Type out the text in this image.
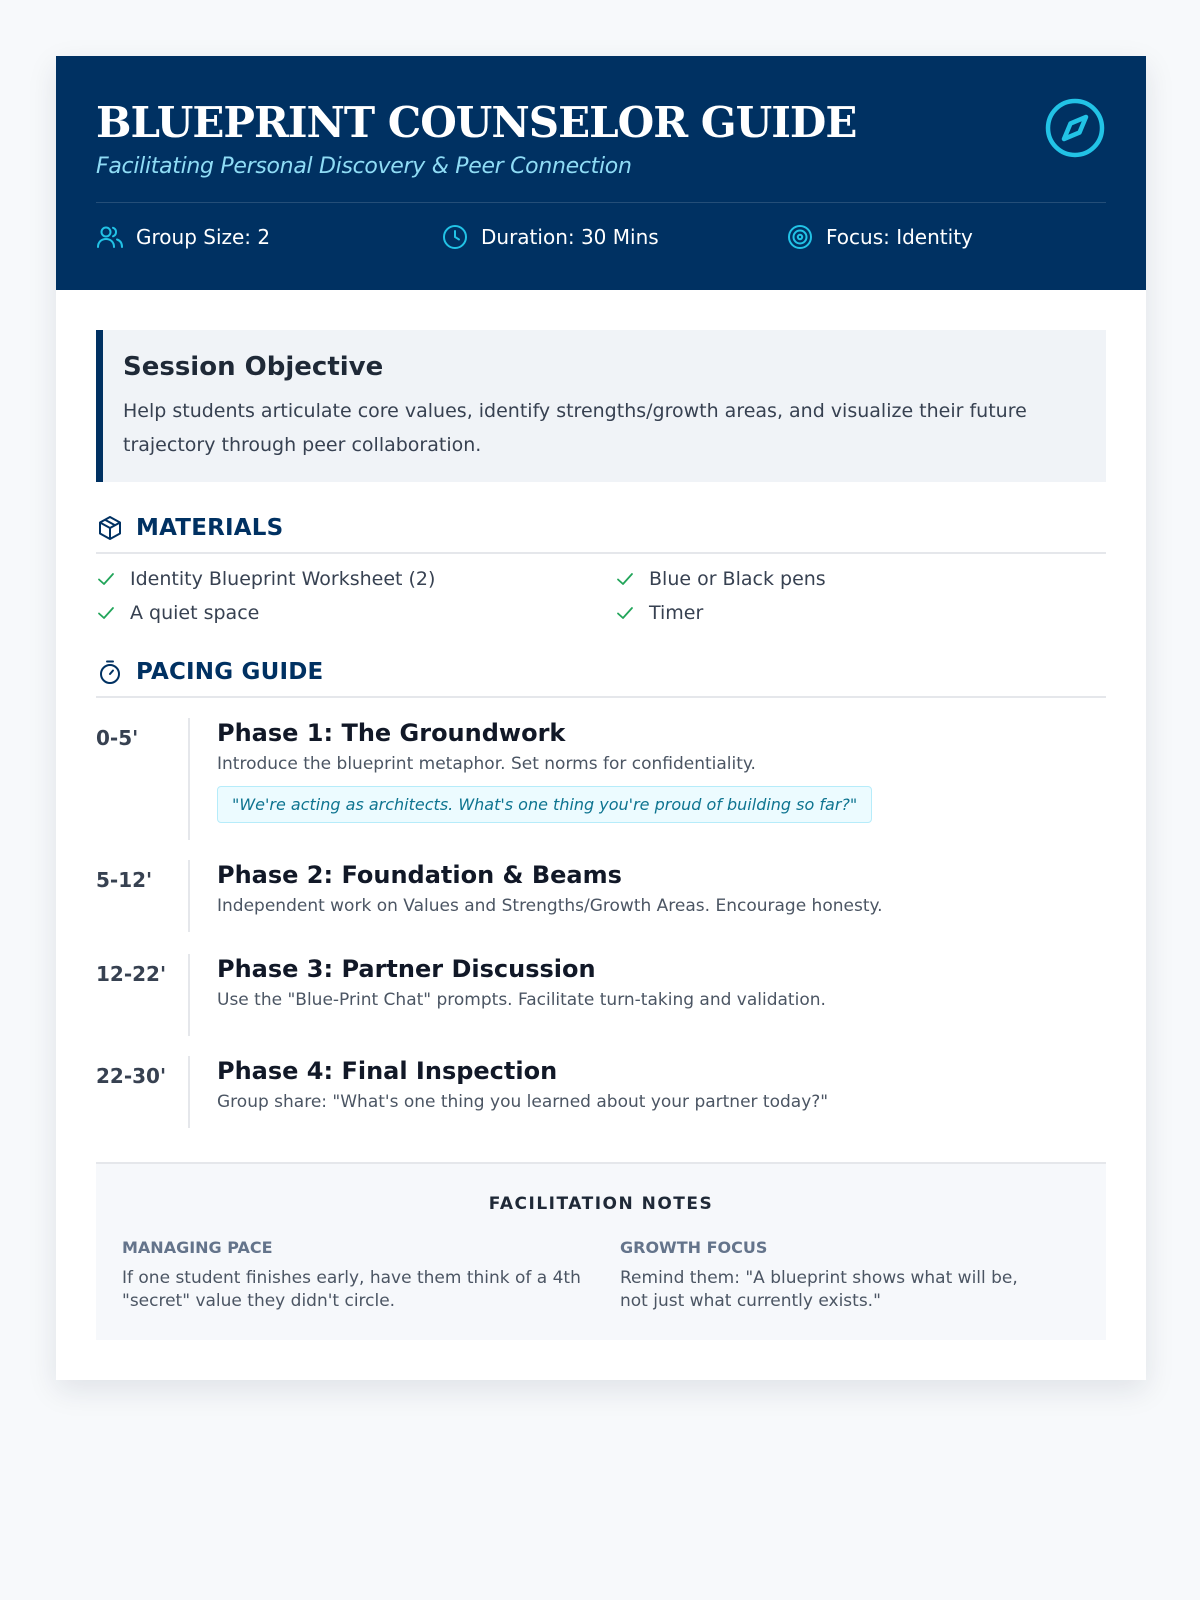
BLUEPRINT COUNSELOR GUIDE
Facilitating Personal Discovery & Peer Connection
Group Size: 2	Duration: 30 Mins	Focus: Identity
Session Objective

Help students articulate core values, identify strengths/growth areas, and visualize their future trajectory through peer collaboration.

MATERIALS
Identity Blueprint Worksheet (2)	Blue or Black pens
A quiet space	Timer
PACING GUIDE
0-5'	Phase 1: The Groundwork
Introduce the blueprint metaphor. Set norms for confidentiality.
"We're acting as architects. What's one thing you're proud of building so far?"
5-12'	Phase 2: Foundation & Beams
Independent work on Values and Strengths/Growth Areas. Encourage honesty.
12-22'	Phase 3: Partner Discussion
Use the "Blue-Print Chat" prompts. Facilitate turn-taking and validation.
22-30'	Phase 4: Final Inspection
Group share: "What's one thing you learned about your partner today?"
FACILITATION NOTES
MANAGING PACE

If one student finishes early, have them think of a 4th "secret" value they didn't circle.

GROWTH FOCUS

Remind them: "A blueprint shows what will be, not just what currently exists."
